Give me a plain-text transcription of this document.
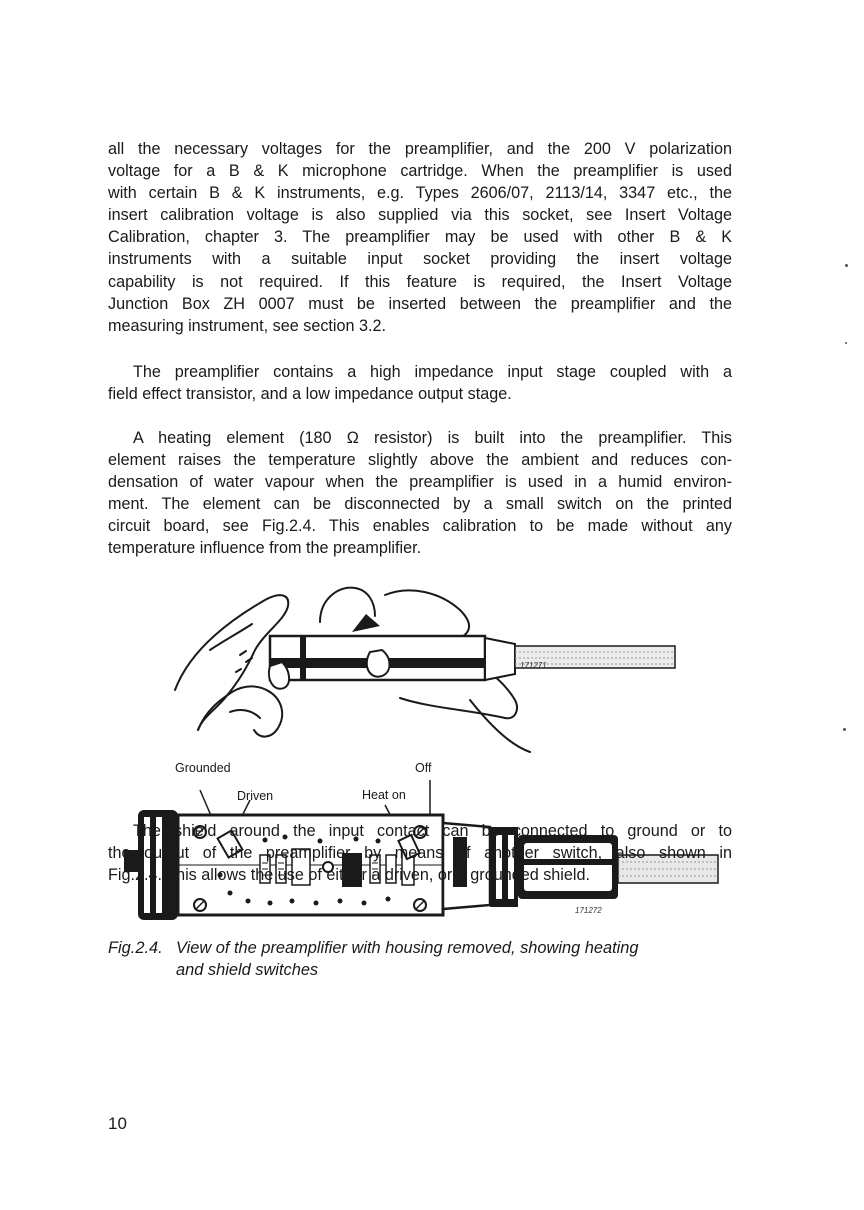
all the necessary voltages for the preamplifier, and the 200 V polarization
voltage for a B & K microphone cartridge. When the preamplifier is used
with certain B & K instruments, e.g. Types 2606/07, 2113/14, 3347 etc., the
insert calibration voltage is also supplied via this socket, see Insert Voltage
Calibration, chapter 3. The preamplifier may be used with other B & K
instruments with a suitable input socket providing the insert voltage
capability is not required. If this feature is required, the Insert Voltage
Junction Box ZH 0007 must be inserted between the preamplifier and the
measuring instrument, see section 3.2.
The preamplifier contains a high impedance input stage coupled with a
field effect transistor, and a low impedance output stage.
A heating element (180 Ω resistor) is built into the preamplifier. This
element raises the temperature slightly above the ambient and reduces con-
densation of water vapour when the preamplifier is used in a humid environ-
ment. The element can be disconnected by a small switch on the printed
circuit board, see Fig.2.4. This enables calibration to be made without any
temperature influence from the preamplifier.
171271
Grounded
Driven	Heat on
Off
171272
Fig.2.4. View of the preamplifier with housing removed, showing heating
and shield switches
The shield around the input contact can be connected to ground or to
the output of the preamplifier by means of another switch, also shown in
Fig.2.4. This allows the use of either a driven, or a grounded shield.
10
